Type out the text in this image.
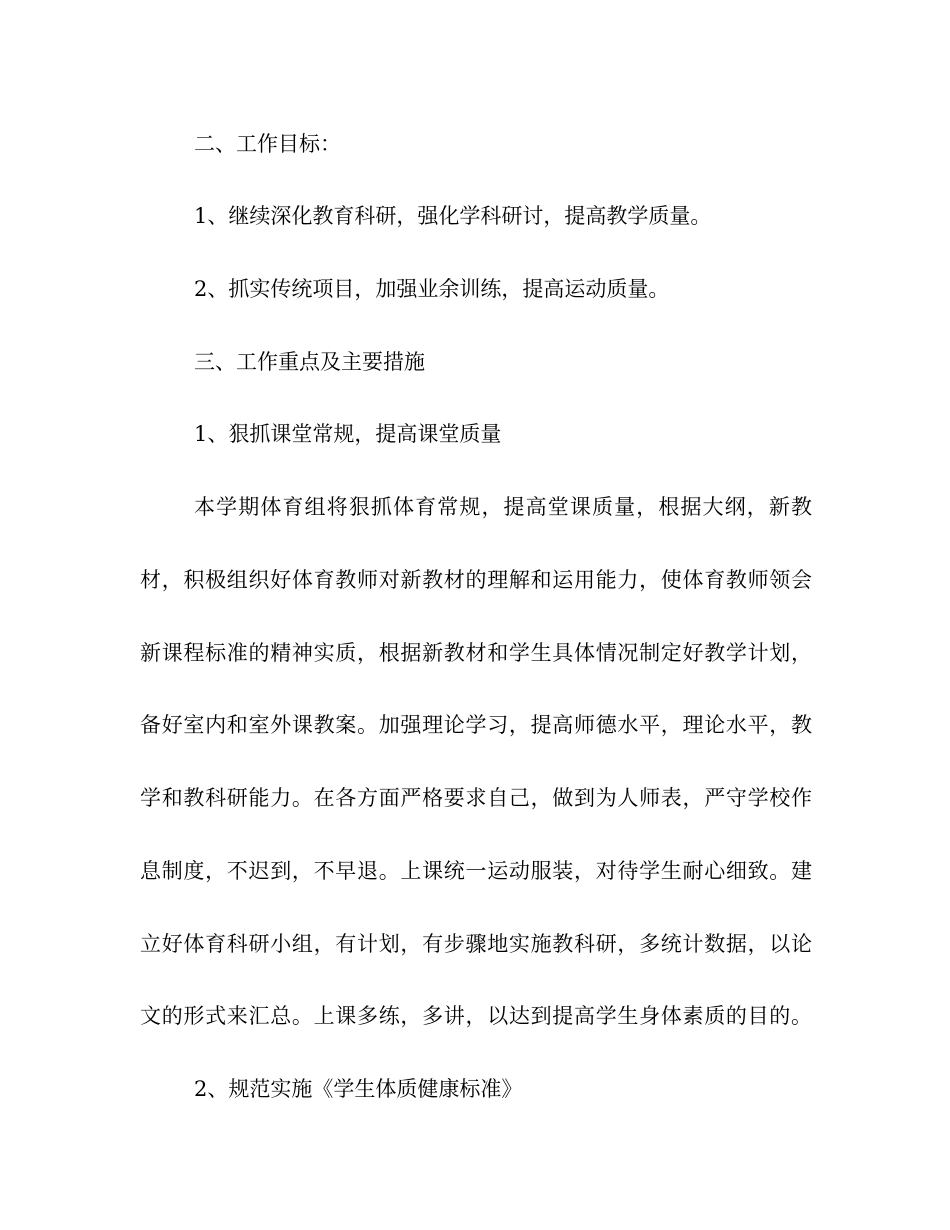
二、工作目标：
1、继续深化教育科研，强化学科研讨，提高教学质量。
2、抓实传统项目，加强业余训练，提高运动质量。
三、工作重点及主要措施
1、狠抓课堂常规，提高课堂质量
本学期体育组将狠抓体育常规，提高堂课质量，根据大纲，新教
材，积极组织好体育教师对新教材的理解和运用能力，使体育教师领会
新课程标准的精神实质，根据新教材和学生具体情况制定好教学计划，
备好室内和室外课教案。加强理论学习，提高师德水平，理论水平，教
学和教科研能力。在各方面严格要求自己，做到为人师表，严守学校作
息制度，不迟到，不早退。上课统一运动服装，对待学生耐心细致。建
立好体育科研小组，有计划，有步骤地实施教科研，多统计数据，以论
文的形式来汇总。上课多练，多讲，以达到提高学生身体素质的目的。
2、规范实施《学生体质健康标准》
